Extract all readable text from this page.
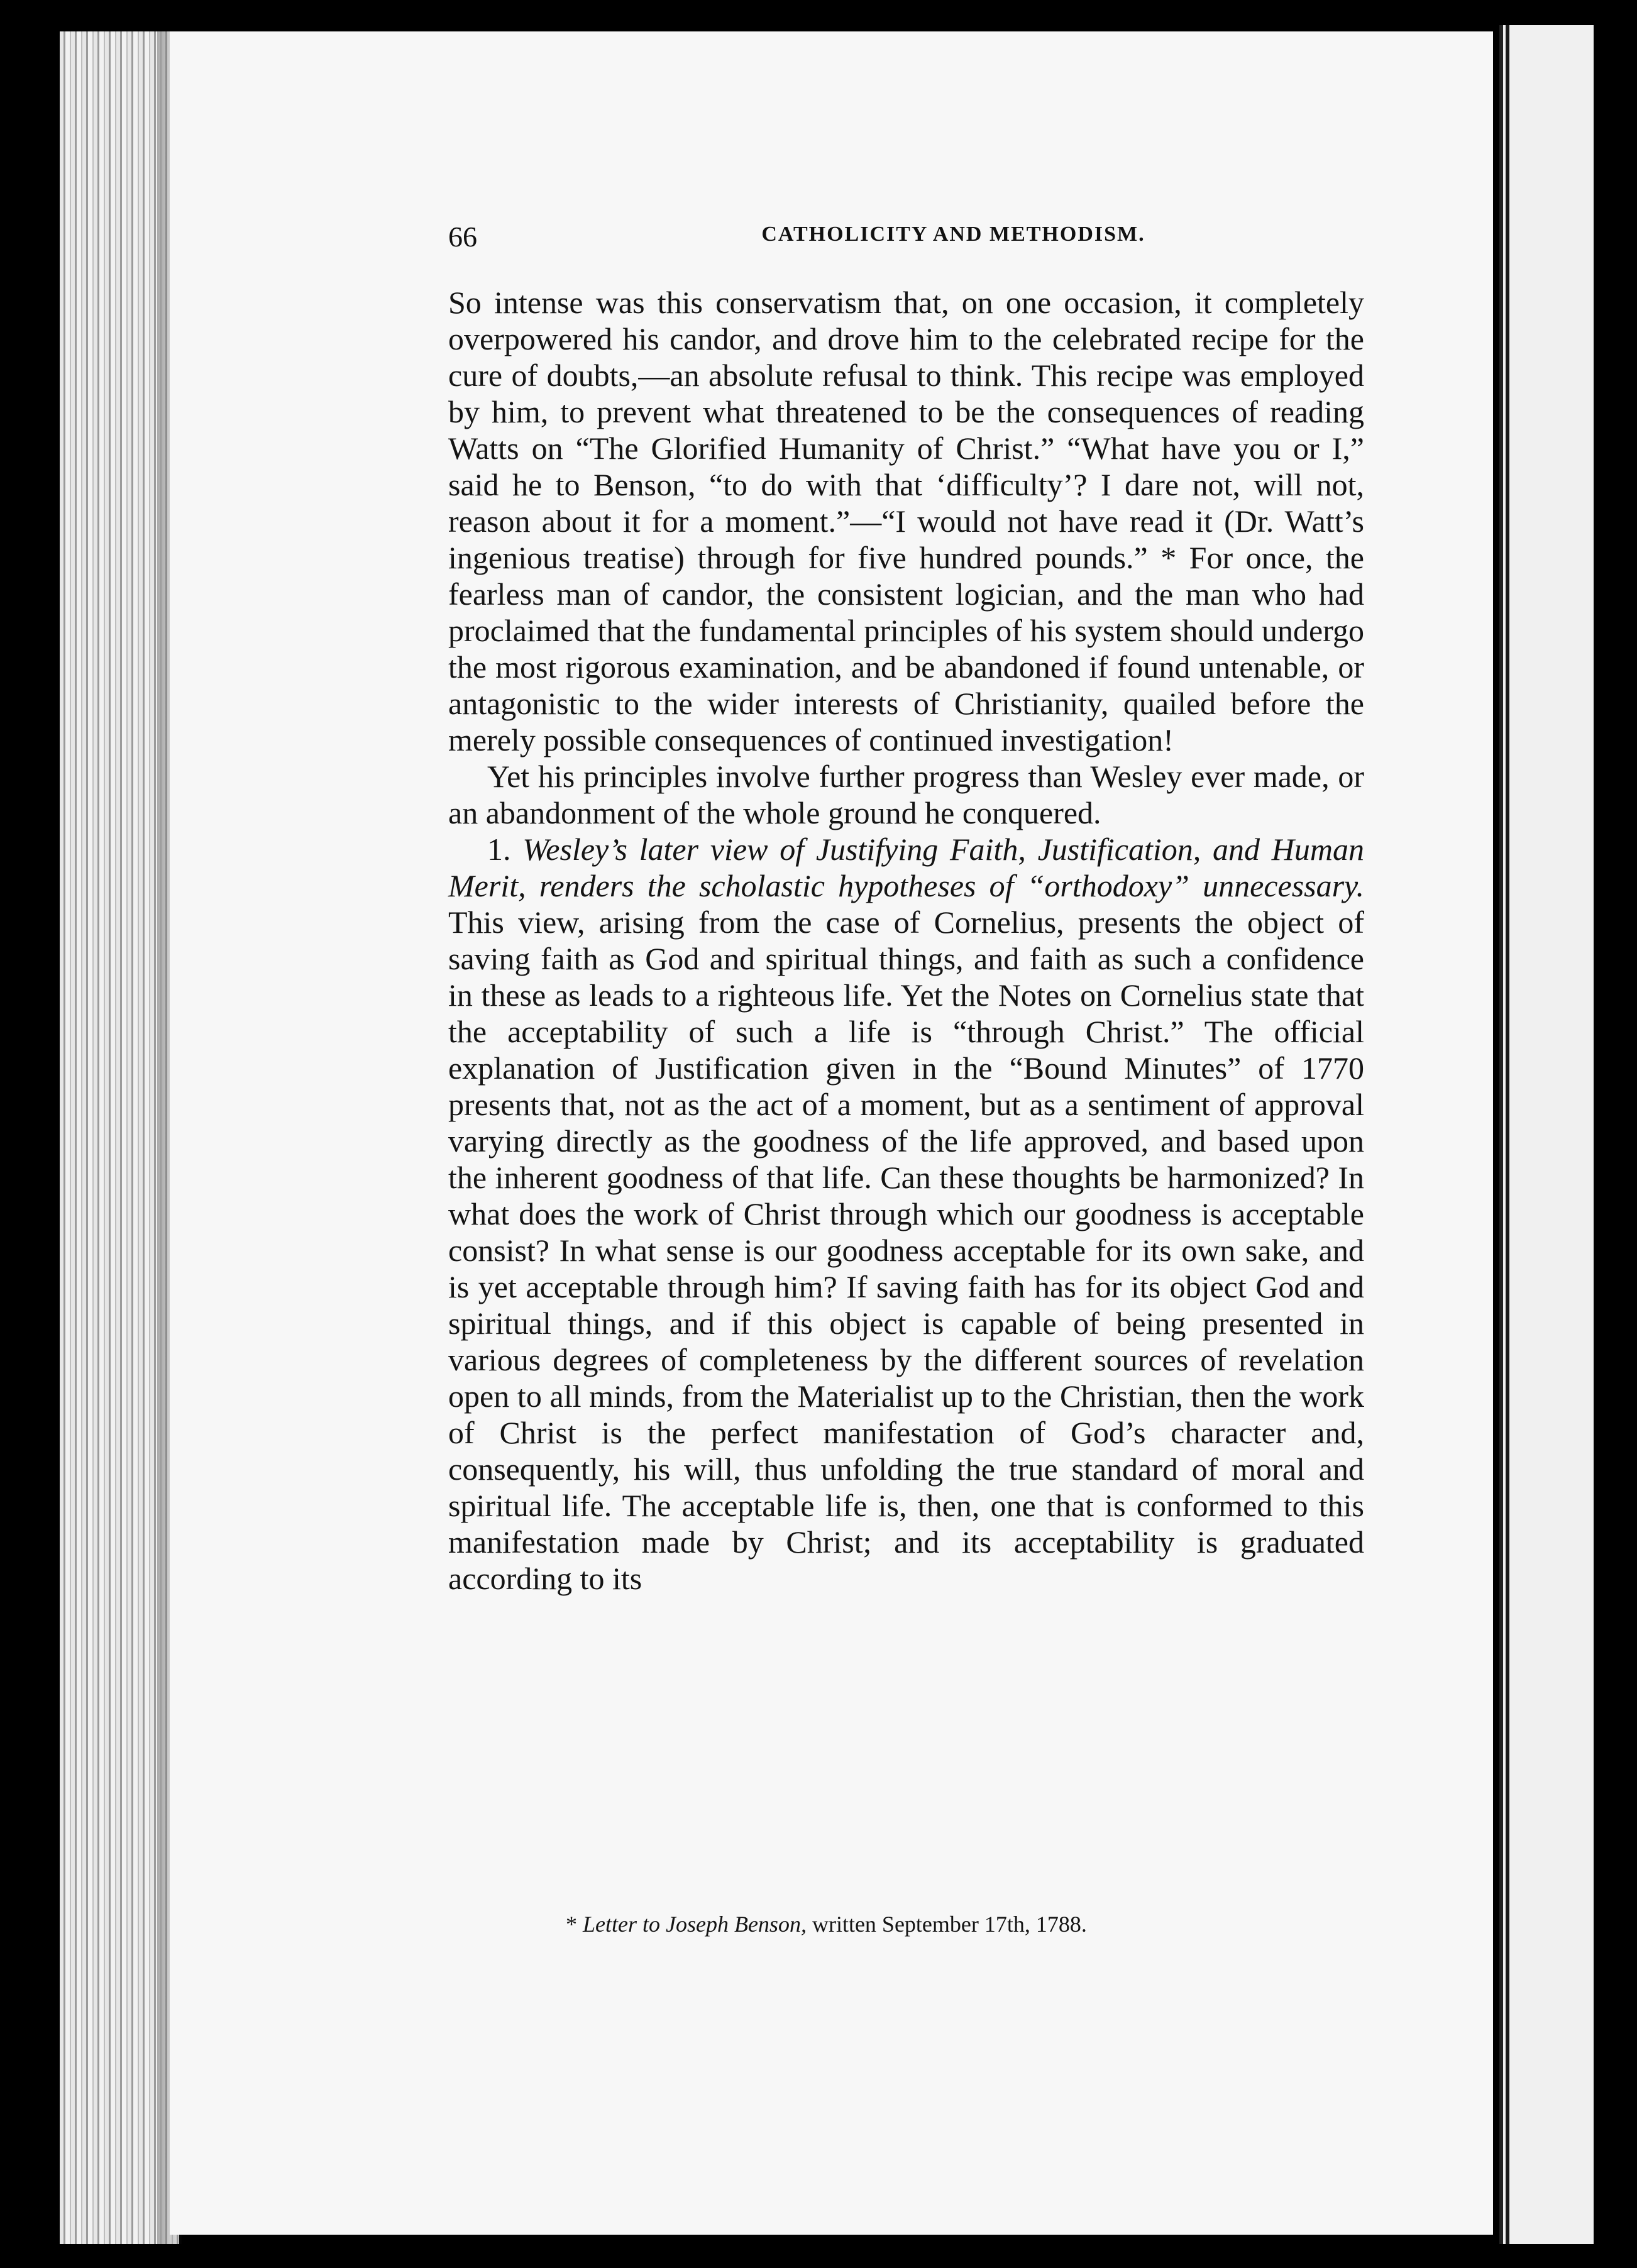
66	CATHOLICITY AND METHODISM.

So intense was this conservatism that, on one occasion, it completely overpowered his candor, and drove him to the celebrated recipe for the cure of doubts,—an absolute refusal to think. This recipe was employed by him, to prevent what threatened to be the consequences of reading Watts on “The Glorified Humanity of Christ.” “What have you or I,” said he to Benson, “to do with that ‘difficulty’? I dare not, will not, reason about it for a moment.”—“I would not have read it (Dr. Watt’s ingenious treatise) through for five hundred pounds.” * For once, the fearless man of candor, the consistent logician, and the man who had proclaimed that the fundamental principles of his system should undergo the most rigorous examination, and be abandoned if found untenable, or antagonistic to the wider interests of Christianity, quailed before the merely possible consequences of continued investigation!

Yet his principles involve further progress than Wesley ever made, or an abandonment of the whole ground he conquered.

1. Wesley’s later view of Justifying Faith, Justification, and Human Merit, renders the scholastic hypotheses of “orthodoxy” unnecessary. This view, arising from the case of Cornelius, presents the object of saving faith as God and spiritual things, and faith as such a confidence in these as leads to a righteous life. Yet the Notes on Cornelius state that the acceptability of such a life is “through Christ.” The official explanation of Justification given in the “Bound Minutes” of 1770 presents that, not as the act of a moment, but as a sentiment of approval varying directly as the goodness of the life approved, and based upon the inherent goodness of that life. Can these thoughts be harmonized? In what does the work of Christ through which our goodness is acceptable consist? In what sense is our goodness acceptable for its own sake, and is yet acceptable through him? If saving faith has for its object God and spiritual things, and if this object is capable of being presented in various degrees of completeness by the different sources of revelation open to all minds, from the Materialist up to the Christian, then the work of Christ is the perfect manifestation of God’s character and, consequently, his will, thus unfolding the true standard of moral and spiritual life. The acceptable life is, then, one that is conformed to this manifestation made by Christ; and its acceptability is graduated according to its

* Letter to Joseph Benson, written September 17th, 1788.
